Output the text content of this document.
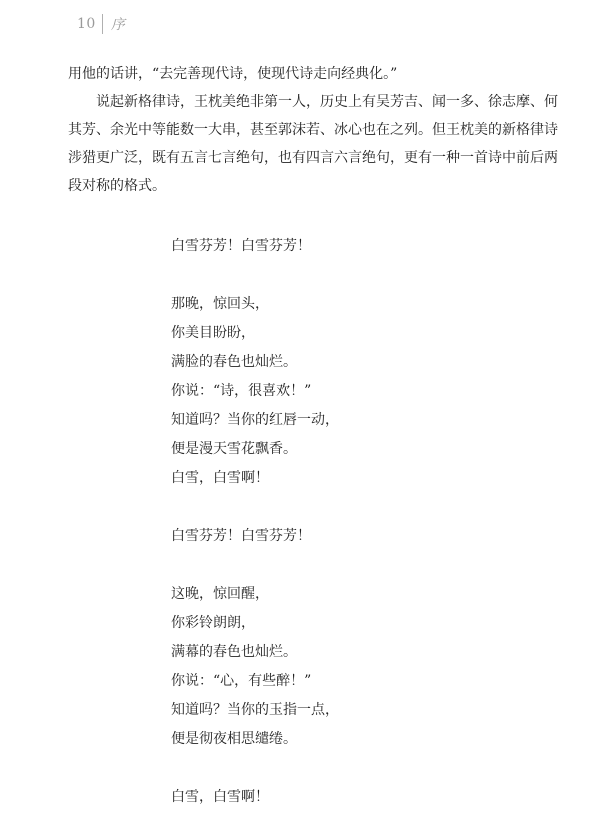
10 序

用他的话讲，“去完善现代诗，使现代诗走向经典化。”

说起新格律诗，王枕美绝非第一人，历史上有吴芳吉、闻一多、徐志摩、何其芳、余光中等能数一大串，甚至郭沫若、冰心也在之列。但王枕美的新格律诗涉猎更广泛，既有五言七言绝句，也有四言六言绝句，更有一种一首诗中前后两段对称的格式。

白雪芬芳！白雪芬芳！
那晚，惊回头，
你美目盼盼，
满脸的春色也灿烂。
你说：“诗，很喜欢！”
知道吗？当你的红唇一动，
便是漫天雪花飘香。
白雪，白雪啊！
白雪芬芳！白雪芬芳！
这晚，惊回醒，
你彩铃朗朗，
满幕的春色也灿烂。
你说：“心，有些醉！”
知道吗？当你的玉指一点，
便是彻夜相思缱绻。
白雪，白雪啊！
